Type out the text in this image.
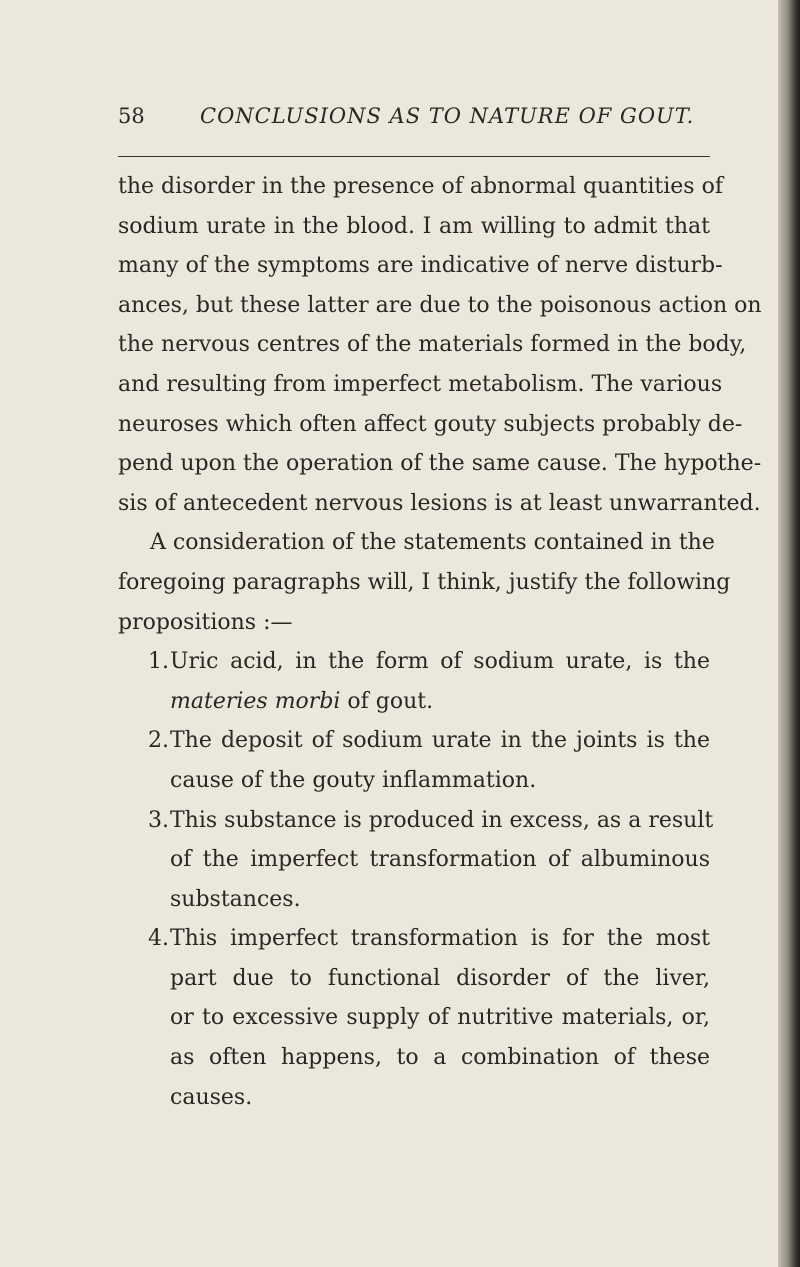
58	CONCLUSIONS AS TO NATURE OF GOUT.
the disorder in the presence of abnormal quantities of
sodium urate in the blood. I am willing to admit that
many of the symptoms are indicative of nerve disturb-
ances, but these latter are due to the poisonous action on
the nervous centres of the materials formed in the body,
and resulting from imperfect metabolism. The various
neuroses which often affect gouty subjects probably de-
pend upon the operation of the same cause. The hypothe-
sis of antecedent nervous lesions is at least unwarranted.
A consideration of the statements contained in the
foregoing paragraphs will, I think, justify the following
propositions :—
1. Uric acid, in the form of sodium urate, is the
materies morbi of gout.
2. The deposit of sodium urate in the joints is the
cause of the gouty inflammation.
3. This substance is produced in excess, as a result
of the imperfect transformation of albuminous
substances.
4. This imperfect transformation is for the most
part due to functional disorder of the liver,
or to excessive supply of nutritive materials, or,
as often happens, to a combination of these
causes.
